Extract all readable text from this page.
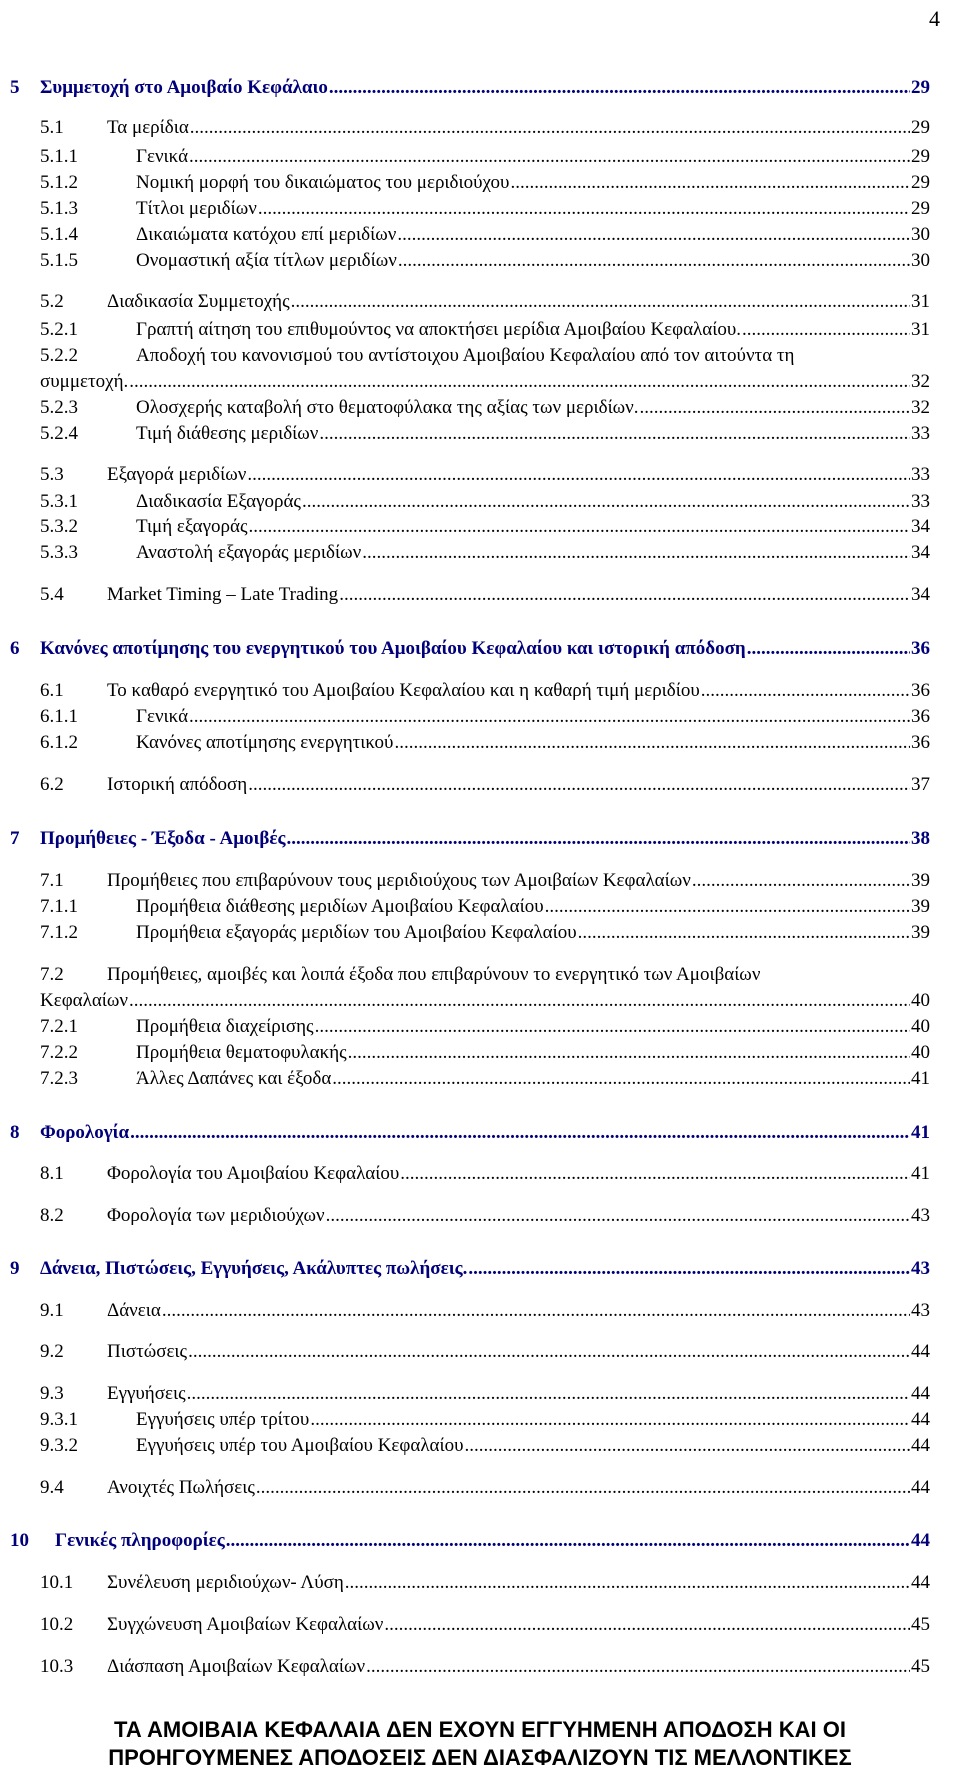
4
5	Συμμετοχή στο Αμοιβαίο Κεφάλαιο .....	29
5.1	Τα μερίδια .....	29
5.1.1	Γενικά .....	29
5.1.2	Νομική μορφή του δικαιώματος του μεριδιούχου .....	29
5.1.3	Τίτλοι μεριδίων .....	29
5.1.4	Δικαιώματα κατόχου επί μεριδίων .....	30
5.1.5	Ονομαστική αξία τίτλων μεριδίων .....	30
5.2	Διαδικασία Συμμετοχής .....	31
5.2.1	Γραπτή αίτηση του επιθυμούντος να αποκτήσει μερίδια Αμοιβαίου Κεφαλαίου. .....	31
5.2.2	Αποδοχή του κανονισμού του αντίστοιχου Αμοιβαίου Κεφαλαίου από τον αιτούντα τη
συμμετοχή. .....	32
5.2.3	Ολοσχερής καταβολή στο θεματοφύλακα της αξίας των μεριδίων. .....	32
5.2.4	Τιμή διάθεσης μεριδίων .....	33
5.3	Εξαγορά μεριδίων .....	33
5.3.1	Διαδικασία Εξαγοράς .....	33
5.3.2	Τιμή εξαγοράς .....	34
5.3.3	Αναστολή εξαγοράς μεριδίων .....	34
5.4	Market Timing – Late Trading .....	34
6	Κανόνες αποτίμησης του ενεργητικού του Αμοιβαίου Κεφαλαίου και ιστορική απόδοση .....	36
6.1	Το καθαρό ενεργητικό του Αμοιβαίου Κεφαλαίου και η καθαρή τιμή μεριδίου .....	36
6.1.1	Γενικά .....	36
6.1.2	Κανόνες αποτίμησης ενεργητικού .....	36
6.2	Ιστορική απόδοση .....	37
7	Προμήθειες - Έξοδα - Αμοιβές .....	38
7.1	Προμήθειες που επιβαρύνουν τους μεριδιούχους των Αμοιβαίων Κεφαλαίων .....	39
7.1.1	Προμήθεια διάθεσης μεριδίων Αμοιβαίου Κεφαλαίου .....	39
7.1.2	Προμήθεια εξαγοράς μεριδίων του Αμοιβαίου Κεφαλαίου .....	39
7.2 Προμήθειες, αμοιβές και λοιπά έξοδα που επιβαρύνουν το ενεργητικό των Αμοιβαίων
Κεφαλαίων .....	40
7.2.1	Προμήθεια διαχείρισης .....	40
7.2.2	Προμήθεια θεματοφυλακής .....	40
7.2.3	Άλλες Δαπάνες και έξοδα .....	41
8	Φορολογία .....	41
8.1	Φορολογία του Αμοιβαίου Κεφαλαίου .....	41
8.2	Φορολογία των μεριδιούχων .....	43
9	Δάνεια, Πιστώσεις, Εγγυήσεις, Ακάλυπτες πωλήσεις. .....	43
9.1	Δάνεια .....	43
9.2	Πιστώσεις .....	44
9.3	Εγγυήσεις .....	44
9.3.1	Εγγυήσεις υπέρ τρίτου .....	44
9.3.2	Εγγυήσεις υπέρ του Αμοιβαίου Κεφαλαίου .....	44
9.4	Ανοιχτές Πωλήσεις .....	44
10	Γενικές πληροφορίες .....	44
10.1	Συνέλευση μεριδιούχων- Λύση .....	44
10.2	Συγχώνευση Αμοιβαίων Κεφαλαίων .....	45
10.3	Διάσπαση Αμοιβαίων Κεφαλαίων .....	45
ΤΑ ΑΜΟΙΒΑΙΑ ΚΕΦΑΛΑΙΑ ΔΕΝ ΕΧΟΥΝ ΕΓΓΥΗΜΕΝΗ ΑΠΟΔΟΣΗ ΚΑΙ ΟΙ
ΠΡΟΗΓΟΥΜΕΝΕΣ ΑΠΟΔΟΣΕΙΣ ΔΕΝ ΔΙΑΣΦΑΛΙΖΟΥΝ ΤΙΣ ΜΕΛΛΟΝΤΙΚΕΣ
